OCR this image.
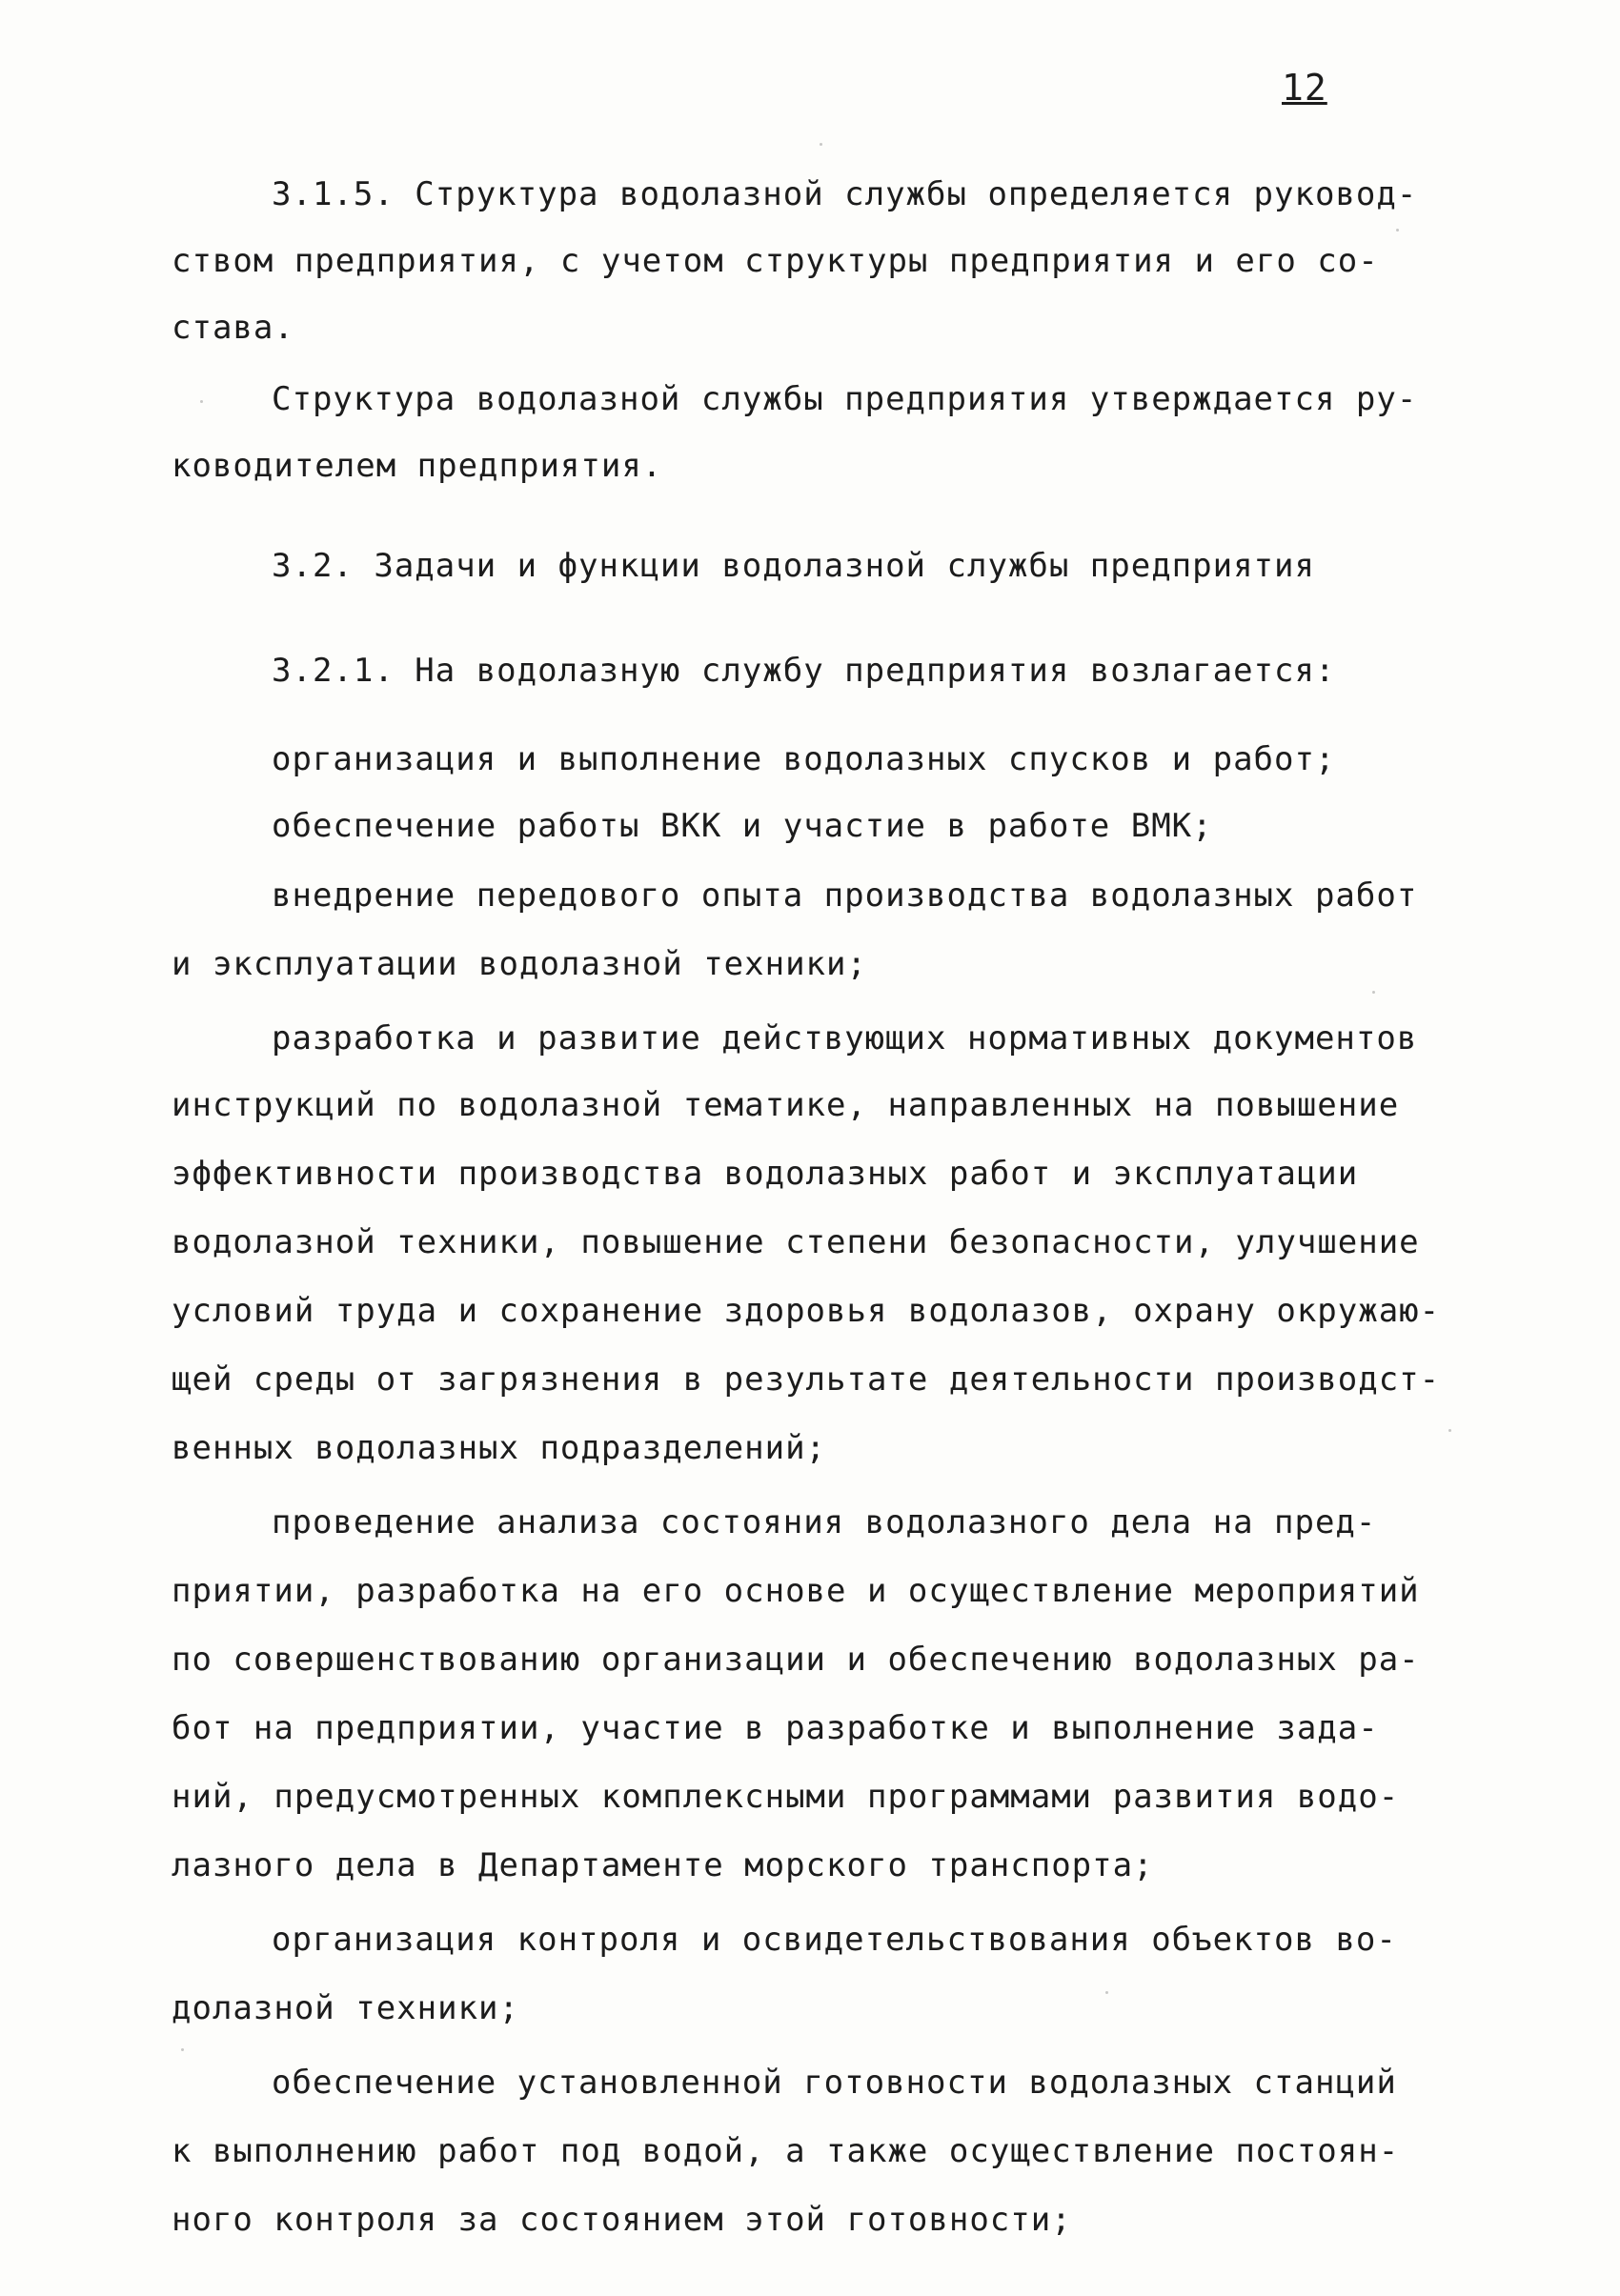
12
3.1.5. Структура водолазной службы определяется руковод-
ством предприятия, с учетом структуры предприятия и его со-
става.
Структура водолазной службы предприятия утверждается ру-
ководителем предприятия.
3.2. Задачи и функции водолазной службы предприятия
3.2.1. На водолазную службу предприятия возлагается:
организация и выполнение водолазных спусков и работ;
обеспечение работы ВКК и участие в работе ВМК;
внедрение передового опыта производства водолазных работ
и эксплуатации водолазной техники;
разработка и развитие действующих нормативных документов
инструкций по водолазной тематике, направленных на повышение
эффективности производства водолазных работ и эксплуатации
водолазной техники, повышение степени безопасности, улучшение
условий труда и сохранение здоровья водолазов, охрану окружаю-
щей среды от загрязнения в результате деятельности производст-
венных водолазных подразделений;
проведение анализа состояния водолазного дела на пред-
приятии, разработка на его основе и осуществление мероприятий
по совершенствованию организации и обеспечению водолазных ра-
бот на предприятии, участие в разработке и выполнение зада-
ний, предусмотренных комплексными программами развития водо-
лазного дела в Департаменте морского транспорта;
организация контроля и освидетельствования объектов во-
долазной техники;
обеспечение установленной готовности водолазных станций
к выполнению работ под водой, а также осуществление постоян-
ного контроля за состоянием этой готовности;
